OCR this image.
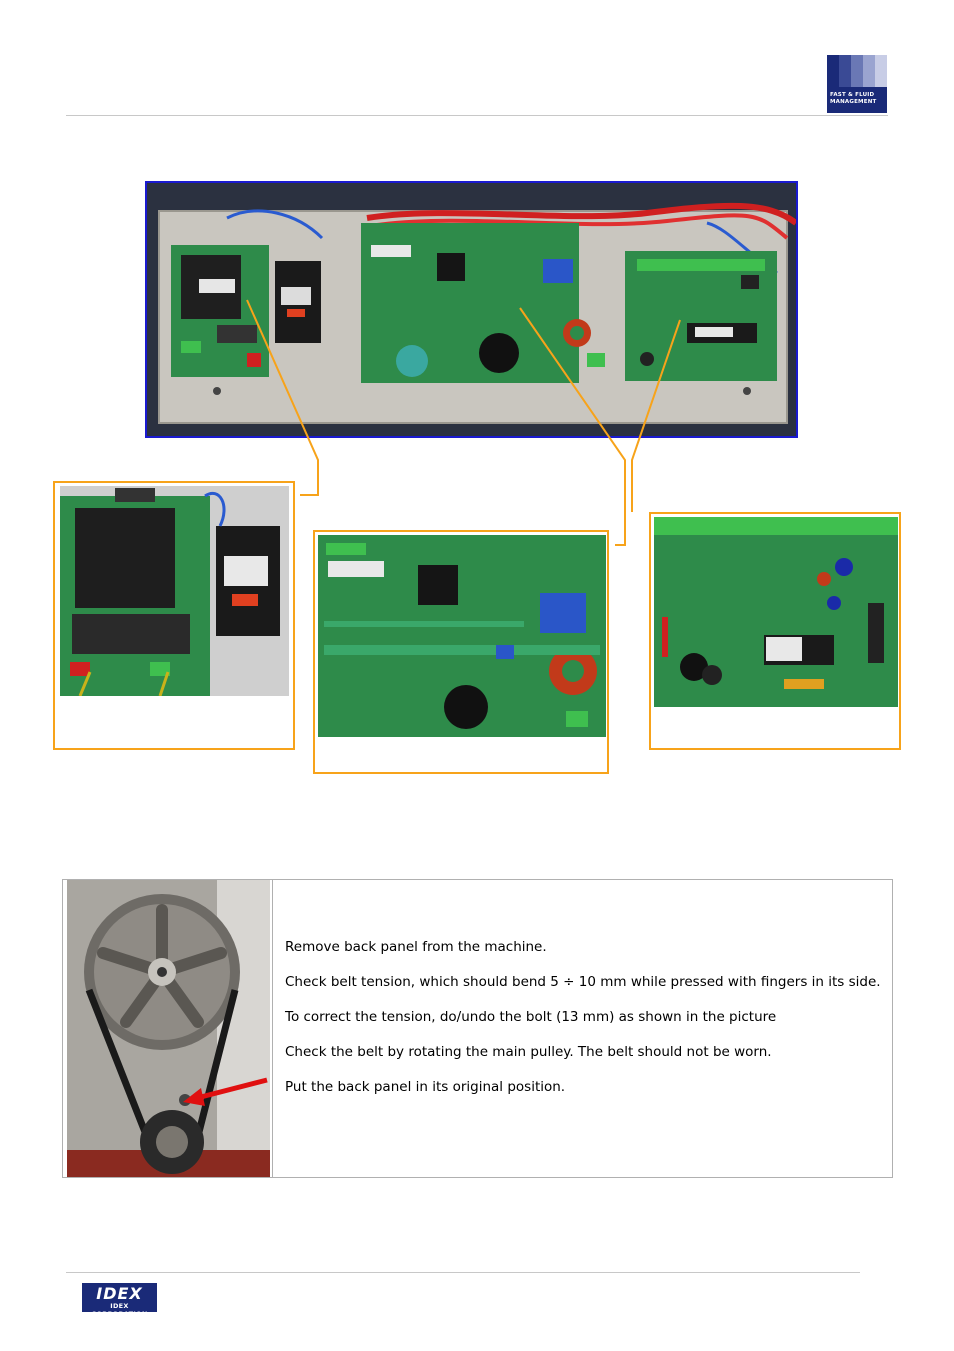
FAST & FLUID
MANAGEMENT
Remove back panel from the machine.
Check belt tension, which should bend 5 ÷ 10 mm while pressed with fingers in its side.
To correct the tension, do/undo the bolt (13 mm) as shown in the picture
Check the belt by rotating the main pulley. The belt should not be worn.
Put the back panel in its original position.
IDEX
IDEX CORPORATION
